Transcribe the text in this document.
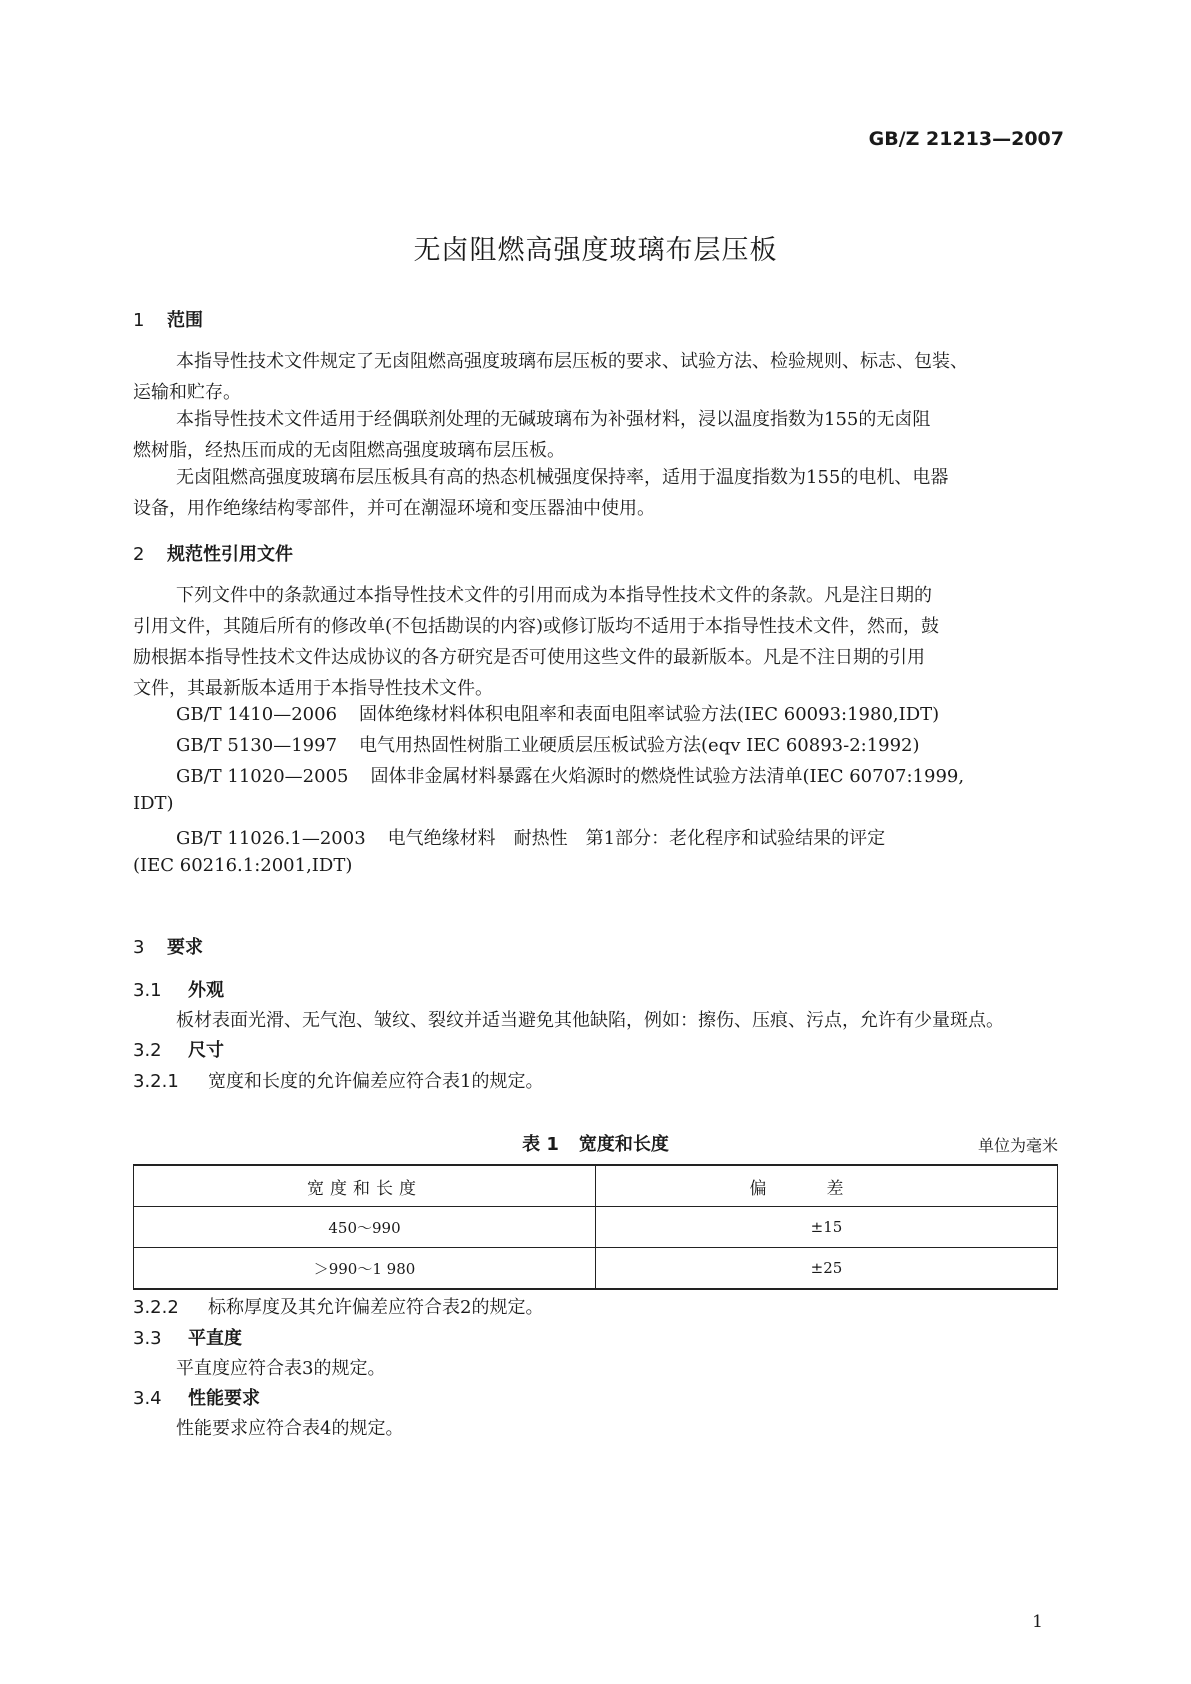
GB/Z 21213—2007
无卤阻燃高强度玻璃布层压板
1 范围
本指导性技术文件规定了无卤阻燃高强度玻璃布层压板的要求、试验方法、检验规则、标志、包装、
运输和贮存。
本指导性技术文件适用于经偶联剂处理的无碱玻璃布为补强材料，浸以温度指数为155的无卤阻
燃树脂，经热压而成的无卤阻燃高强度玻璃布层压板。
无卤阻燃高强度玻璃布层压板具有高的热态机械强度保持率，适用于温度指数为155的电机、电器
设备，用作绝缘结构零部件，并可在潮湿环境和变压器油中使用。
2 规范性引用文件
下列文件中的条款通过本指导性技术文件的引用而成为本指导性技术文件的条款。凡是注日期的
引用文件，其随后所有的修改单(不包括勘误的内容)或修订版均不适用于本指导性技术文件，然而，鼓
励根据本指导性技术文件达成协议的各方研究是否可使用这些文件的最新版本。凡是不注日期的引用
文件，其最新版本适用于本指导性技术文件。
GB/T 1410—2006 固体绝缘材料体积电阻率和表面电阻率试验方法(IEC 60093:1980,IDT)
GB/T 5130—1997 电气用热固性树脂工业硬质层压板试验方法(eqv IEC 60893-2:1992)
GB/T 11020—2005 固体非金属材料暴露在火焰源时的燃烧性试验方法清单(IEC 60707:1999,
IDT)
GB/T 11026.1—2003 电气绝缘材料　耐热性　第1部分：老化程序和试验结果的评定
(IEC 60216.1:2001,IDT)
3 要求
3.1 外观
板材表面光滑、无气泡、皱纹、裂纹并适当避免其他缺陷，例如：擦伤、压痕、污点，允许有少量斑点。
3.2 尺寸
3.2.1 宽度和长度的允许偏差应符合表1的规定。
表 1 宽度和长度	单位为毫米
宽度和长度	偏差
450～990	±15
＞990～1 980	±25
3.2.2 标称厚度及其允许偏差应符合表2的规定。
3.3 平直度
平直度应符合表3的规定。
3.4 性能要求
性能要求应符合表4的规定。
1
